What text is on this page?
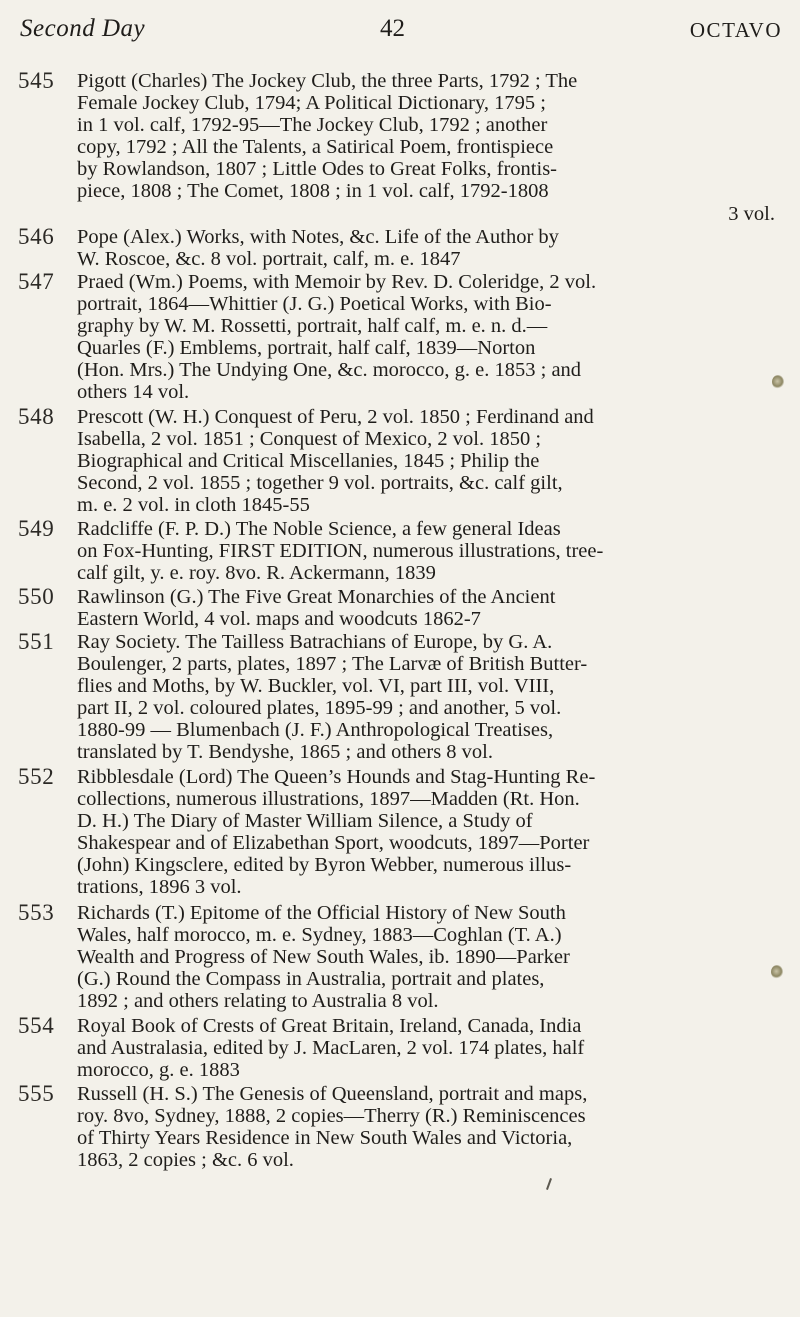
Second Day	42	OCTAVO
545	Pigott (Charles) The Jockey Club, the three Parts, 1792 ; The
Female Jockey Club, 1794; A Political Dictionary, 1795 ;
in 1 vol. calf, 1792-95—The Jockey Club, 1792 ; another
copy, 1792 ; All the Talents, a Satirical Poem, frontispiece
by Rowlandson, 1807 ; Little Odes to Great Folks, frontis-
piece, 1808 ; The Comet, 1808 ; in 1 vol. calf, 1792-1808
3 vol.
546	Pope (Alex.) Works, with Notes, &c. Life of the Author by
W. Roscoe, &c. 8 vol. portrait, calf, m. e. 1847
547	Praed (Wm.) Poems, with Memoir by Rev. D. Coleridge, 2 vol.
portrait, 1864—Whittier (J. G.) Poetical Works, with Bio-
graphy by W. M. Rossetti, portrait, half calf, m. e. n. d.—
Quarles (F.) Emblems, portrait, half calf, 1839—Norton
(Hon. Mrs.) The Undying One, &c. morocco, g. e. 1853 ; and
others 14 vol.
548	Prescott (W. H.) Conquest of Peru, 2 vol. 1850 ; Ferdinand and
Isabella, 2 vol. 1851 ; Conquest of Mexico, 2 vol. 1850 ;
Biographical and Critical Miscellanies, 1845 ; Philip the
Second, 2 vol. 1855 ; together 9 vol. portraits, &c. calf gilt,
m. e. 2 vol. in cloth 1845-55
549	Radcliffe (F. P. D.) The Noble Science, a few general Ideas
on Fox-Hunting, FIRST EDITION, numerous illustrations, tree-
calf gilt, y. e. roy. 8vo. R. Ackermann, 1839
550	Rawlinson (G.) The Five Great Monarchies of the Ancient
Eastern World, 4 vol. maps and woodcuts 1862-7
551	Ray Society. The Tailless Batrachians of Europe, by G. A.
Boulenger, 2 parts, plates, 1897 ; The Larvæ of British Butter-
flies and Moths, by W. Buckler, vol. VI, part III, vol. VIII,
part II, 2 vol. coloured plates, 1895-99 ; and another, 5 vol.
1880-99 — Blumenbach (J. F.) Anthropological Treatises,
translated by T. Bendyshe, 1865 ; and others 8 vol.
552	Ribblesdale (Lord) The Queen’s Hounds and Stag-Hunting Re-
collections, numerous illustrations, 1897—Madden (Rt. Hon.
D. H.) The Diary of Master William Silence, a Study of
Shakespear and of Elizabethan Sport, woodcuts, 1897—Porter
(John) Kingsclere, edited by Byron Webber, numerous illus-
trations, 1896 3 vol.
553	Richards (T.) Epitome of the Official History of New South
Wales, half morocco, m. e. Sydney, 1883—Coghlan (T. A.)
Wealth and Progress of New South Wales, ib. 1890—Parker
(G.) Round the Compass in Australia, portrait and plates,
1892 ; and others relating to Australia 8 vol.
554	Royal Book of Crests of Great Britain, Ireland, Canada, India
and Australasia, edited by J. MacLaren, 2 vol. 174 plates, half
morocco, g. e. 1883
555	Russell (H. S.) The Genesis of Queensland, portrait and maps,
roy. 8vo, Sydney, 1888, 2 copies—Therry (R.) Reminiscences
of Thirty Years Residence in New South Wales and Victoria,
1863, 2 copies ; &c. 6 vol.
